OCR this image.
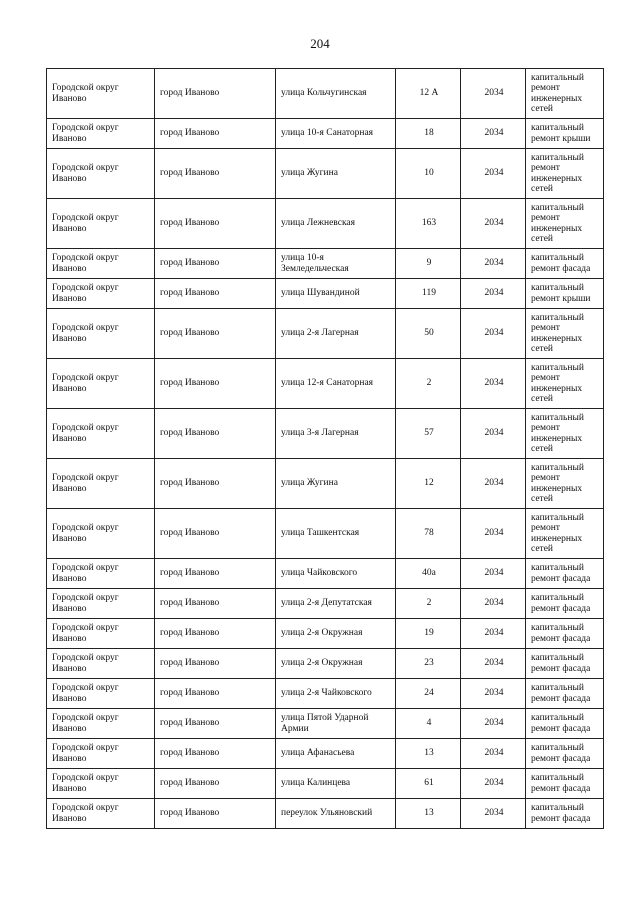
204
Городской округ Иваново	город Иваново	улица Кольчугинская	12 А	2034	капитальный ремонт инженерных сетей
Городской округ Иваново	город Иваново	улица 10-я Санаторная	18	2034	капитальный ремонт крыши
Городской округ Иваново	город Иваново	улица Жугина	10	2034	капитальный ремонт инженерных сетей
Городской округ Иваново	город Иваново	улица Лежневская	163	2034	капитальный ремонт инженерных сетей
Городской округ Иваново	город Иваново	улица 10-я Земледельческая	9	2034	капитальный ремонт фасада
Городской округ Иваново	город Иваново	улица Шувандиной	119	2034	капитальный ремонт крыши
Городской округ Иваново	город Иваново	улица 2-я Лагерная	50	2034	капитальный ремонт инженерных сетей
Городской округ Иваново	город Иваново	улица 12-я Санаторная	2	2034	капитальный ремонт инженерных сетей
Городской округ Иваново	город Иваново	улица 3-я Лагерная	57	2034	капитальный ремонт инженерных сетей
Городской округ Иваново	город Иваново	улица Жугина	12	2034	капитальный ремонт инженерных сетей
Городской округ Иваново	город Иваново	улица Ташкентская	78	2034	капитальный ремонт инженерных сетей
Городской округ Иваново	город Иваново	улица Чайковского	40а	2034	капитальный ремонт фасада
Городской округ Иваново	город Иваново	улица 2-я Депутатская	2	2034	капитальный ремонт фасада
Городской округ Иваново	город Иваново	улица 2-я Окружная	19	2034	капитальный ремонт фасада
Городской округ Иваново	город Иваново	улица 2-я Окружная	23	2034	капитальный ремонт фасада
Городской округ Иваново	город Иваново	улица 2-я Чайковского	24	2034	капитальный ремонт фасада
Городской округ Иваново	город Иваново	улица Пятой Ударной Армии	4	2034	капитальный ремонт фасада
Городской округ Иваново	город Иваново	улица Афанасьева	13	2034	капитальный ремонт фасада
Городской округ Иваново	город Иваново	улица Калинцева	61	2034	капитальный ремонт фасада
Городской округ Иваново	город Иваново	переулок Ульяновский	13	2034	капитальный ремонт фасада
